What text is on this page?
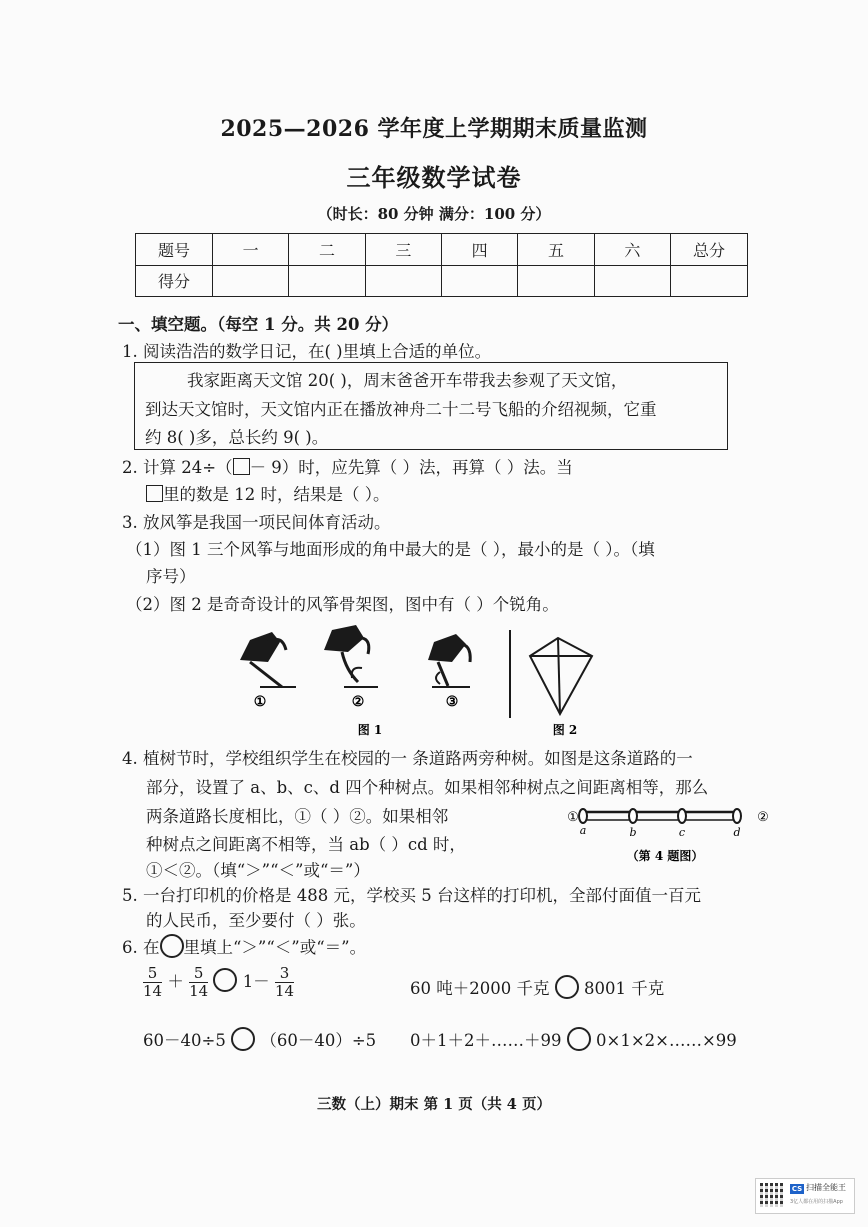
2025—2026 学年度上学期期末质量监测
三年级数学试卷
（时长：80 分钟 满分：100 分）
题号	一	二	三	四	五	六	总分
得分							
一、填空题。（每空 1 分。共 20 分）
1. 阅读浩浩的数学日记，在( )里填上合适的单位。
我家距离天文馆 20( )，周末爸爸开车带我去参观了天文馆，
到达天文馆时，天文馆内正在播放神舟二十二号飞船的介绍视频，它重
约 8( )多，总长约 9( )。
2. 计算 24÷（ － 9）时，应先算（ ）法，再算（ ）法。当
里的数是 12 时，结果是（ ）。
3. 放风筝是我国一项民间体育活动。
（1）图 1 三个风筝与地面形成的角中最大的是（ ），最小的是（ ）。（填
序号）
（2）图 2 是奇奇设计的风筝骨架图，图中有（ ）个锐角。
①	②	③
图 1	图 2
4. 植树节时，学校组织学生在校园的一 条道路两旁种树。如图是这条道路的一
部分，设置了 a、b、c、d 四个种树点。如果相邻种树点之间距离相等，那么
两条道路长度相比，①（ ）②。如果相邻
种树点之间距离不相等，当 ab（ ）cd 时，
①＜②。（填“＞”“＜”或“＝”）
①	②
a	b	c	d
（第 4 题图）
5. 一台打印机的价格是 488 元，学校买 5 台这样的打印机，全部付面值一百元
的人民币，至少要付（ ）张。
6. 在 里填上“＞”“＜”或“＝”。
$\frac{5}{14} + \frac{5}{14} 1- \frac{3}{14}$	60 吨＋2000 千克 8001 千克
60－40÷5 （60－40）÷5 0＋1＋2＋……＋99 0×1×2×……×99
三数（上）期末 第 1 页（共 4 页）
CS 扫描全能王
3亿人都在用的扫描App
